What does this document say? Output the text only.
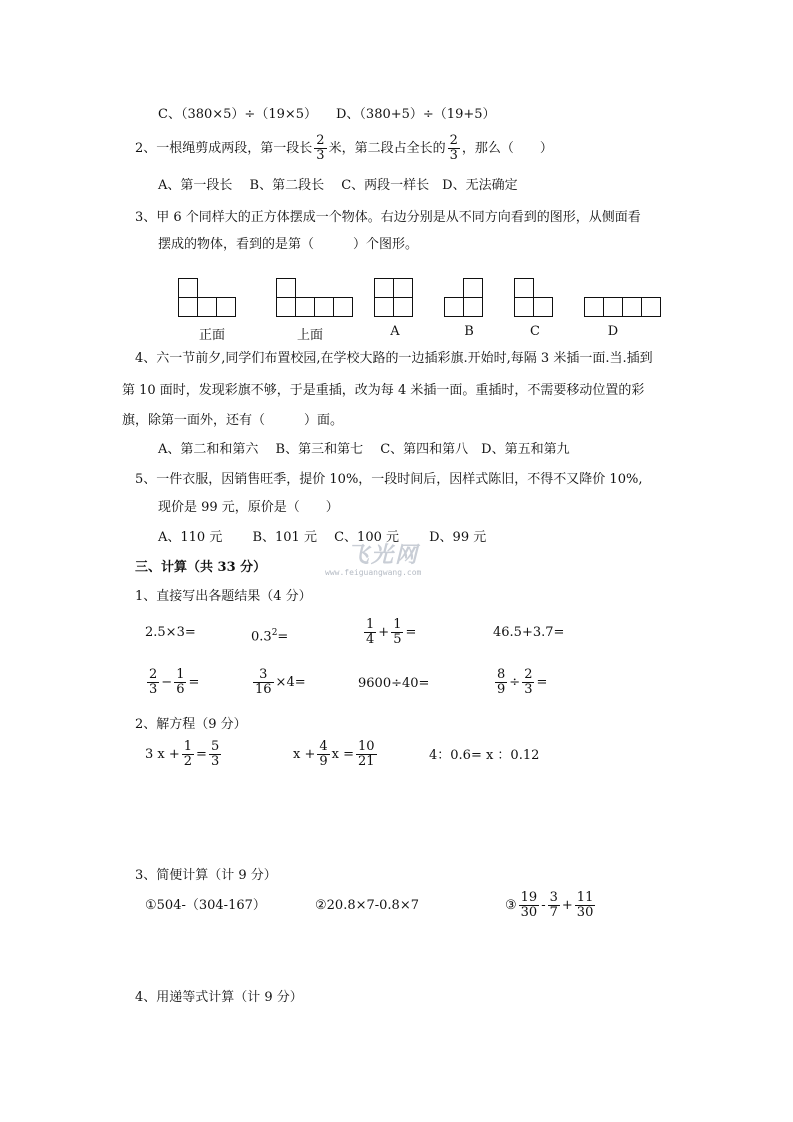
C、（380×5）÷（19×5） D、（380+5）÷（19+5）
2、一根绳剪成两段，第一段长 $\frac{2}{3}$ 米，第二段占全长的 $\frac{2}{3}$ ，那么（　　）
A、第一段长　 B、第二段长　 C、两段一样长　D、无法确定
3、甲 6 个同样大的正方体摆成一个物体。右边分别是从不同方向看到的图形，从侧面看
摆成的物体，看到的是第（　　　）个图形。
正面	上面	A	B	C	D
4、六一节前夕,同学们布置校园,在学校大路的一边插彩旗.开始时,每隔 3 米插一面.当.插到
第 10 面时，发现彩旗不够，于是重插，改为每 4 米插一面。重插时，不需要移动位置的彩
旗，除第一面外，还有（　　　）面。
A、第二和和第六　 B、第三和第七　 C、第四和第八　D、第五和第九
5、一件衣服，因销售旺季，提价 10%，一段时间后，因样式陈旧，不得不又降价 10%,
现价是 99 元，原价是（　　）
A、110 元　　 B、101 元　 C、100 元　　 D、99 元
飞光网
www.feiguangwang.com
三、计算（共 33 分）
1、直接写出各题结果（4 分）
2.5×3=	$0.3^2=$	$\frac{1}{4} + \frac{1}{5}$ =	46.5+3.7=
$\frac{2}{3} - \frac{1}{6}$ =	$\frac{3}{16} \times 4=$	9600÷40=	$\frac{8}{9} \div \frac{2}{3}$ =
2、解方程（9 分）
3 $x + \frac{1}{2} = \frac{5}{3}$	$x + \frac{4}{9}$ $x = \frac{10}{21}$	4：0.6= x ：0.12
3、简便计算（计 9 分）
①504-（304-167）	②20.8×7-0.8×7	③ $\frac{19}{30} - \frac{3}{7} + \frac{11}{30}$
4、用递等式计算（计 9 分）
